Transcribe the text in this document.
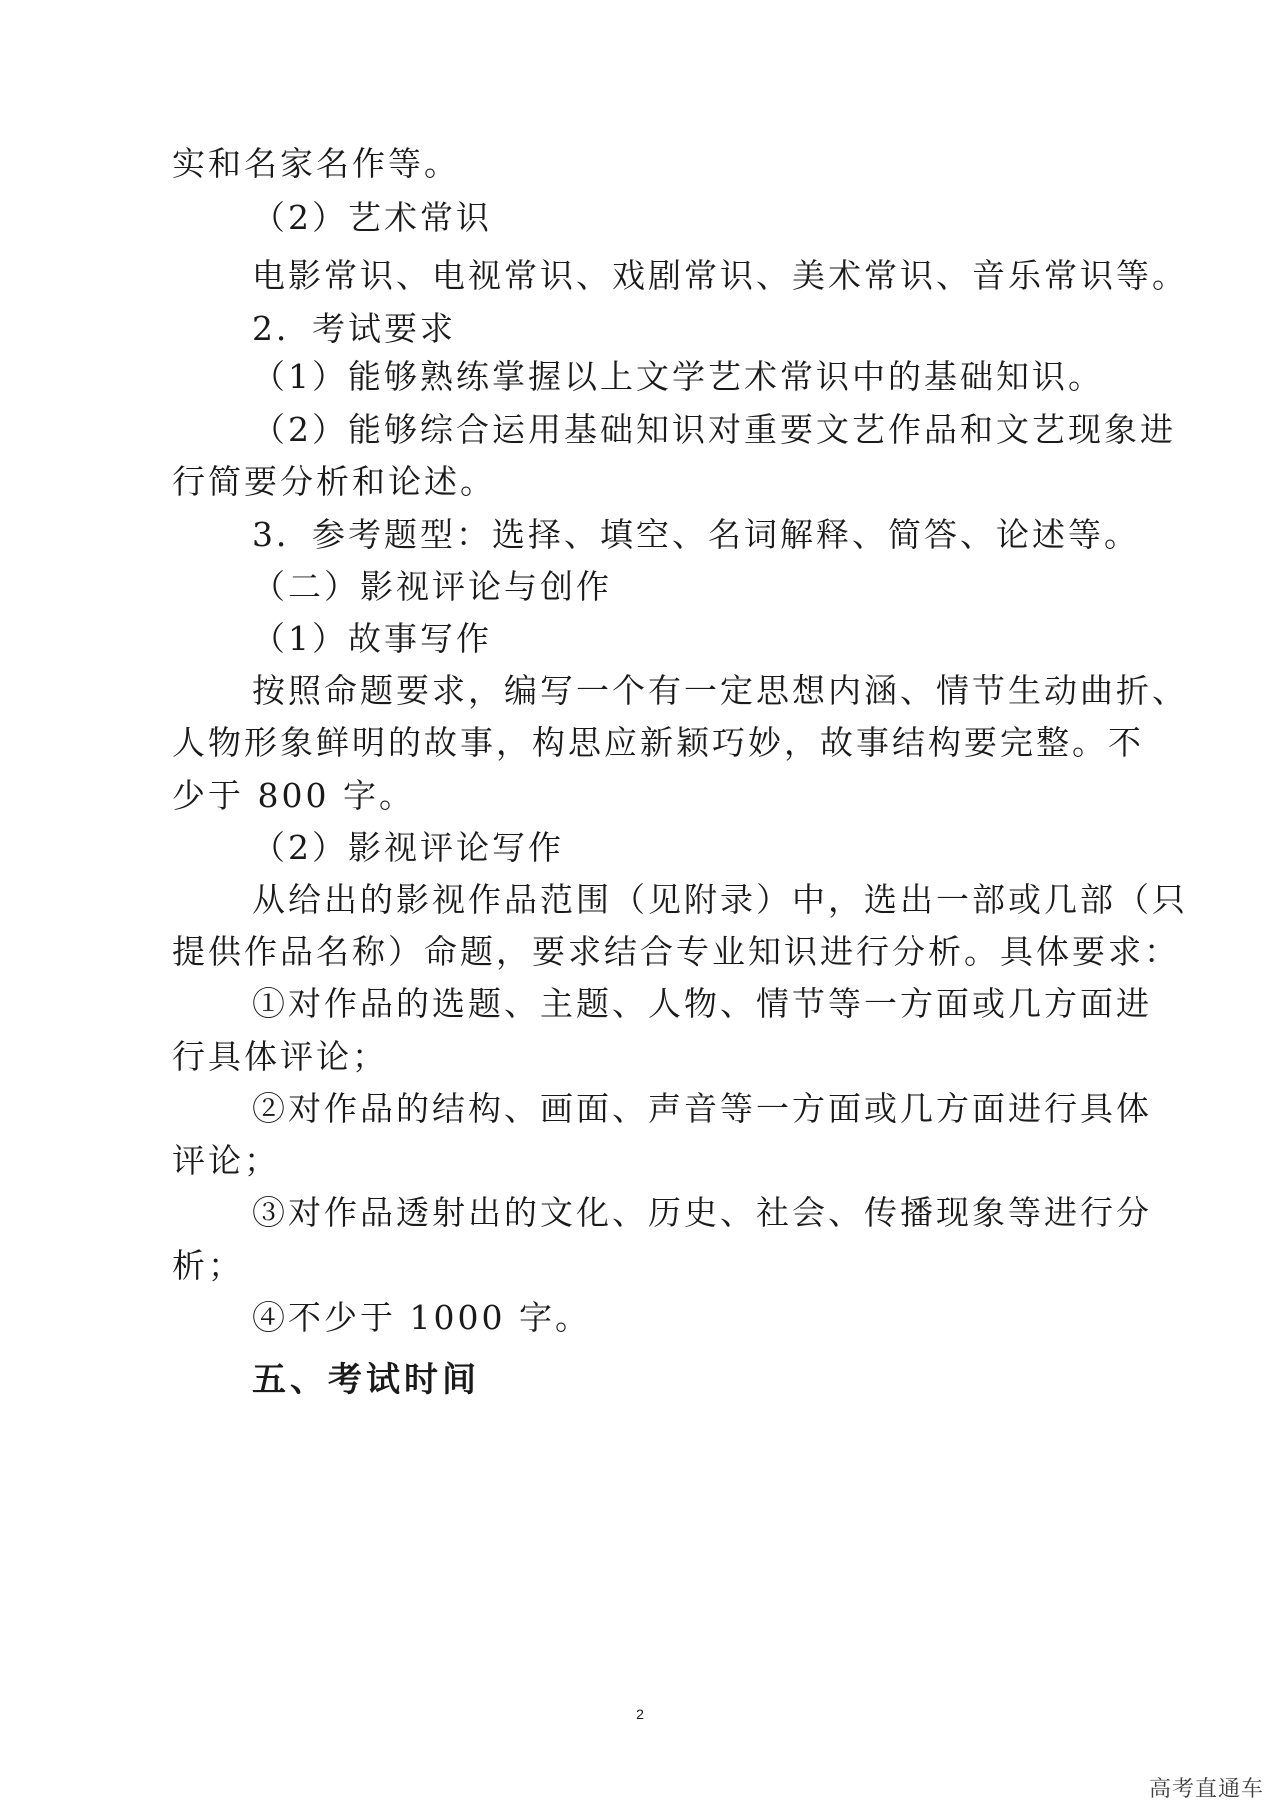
实和名家名作等。
（2）艺术常识
电影常识、电视常识、戏剧常识、美术常识、音乐常识等。
2．考试要求
（1）能够熟练掌握以上文学艺术常识中的基础知识。
（2）能够综合运用基础知识对重要文艺作品和文艺现象进
行简要分析和论述。
3．参考题型：选择、填空、名词解释、简答、论述等。
（二）影视评论与创作
（1）故事写作
按照命题要求，编写一个有一定思想内涵、情节生动曲折、
人物形象鲜明的故事，构思应新颖巧妙，故事结构要完整。不
少于 800 字。
（2）影视评论写作
从给出的影视作品范围（见附录）中，选出一部或几部（只
提供作品名称）命题，要求结合专业知识进行分析。具体要求：
①对作品的选题、主题、人物、情节等一方面或几方面进
行具体评论；
②对作品的结构、画面、声音等一方面或几方面进行具体
评论；
③对作品透射出的文化、历史、社会、传播现象等进行分
析；
④不少于 1000 字。
五、考试时间
2
高考直通车
